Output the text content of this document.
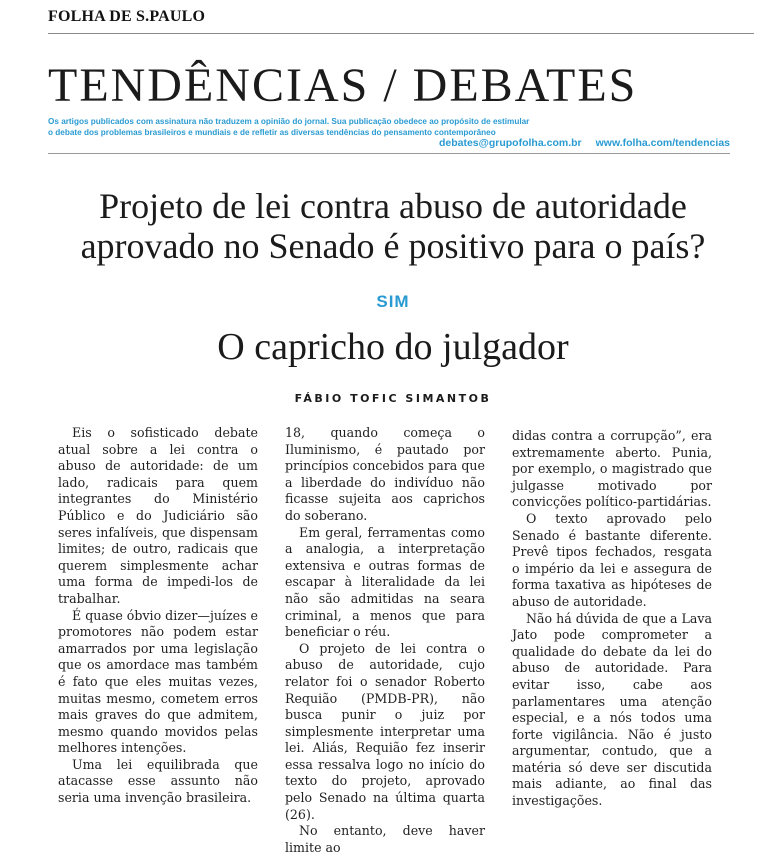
FOLHA DE S.PAULO
TENDÊNCIAS / DEBATES
Os artigos publicados com assinatura não traduzem a opinião do jornal. Sua publicação obedece ao propósito de estimular
o debate dos problemas brasileiros e mundiais e de refletir as diversas tendências do pensamento contemporâneo
debates@grupofolha.com.br www.folha.com/tendencias
Projeto de lei contra abuso de autoridade
aprovado no Senado é positivo para o país?
SIM
O capricho do julgador
FÁBIO TOFIC SIMANTOB

Eis o sofisticado debate atual sobre a lei contra o abuso de autoridade: de um lado, radicais para quem integrantes do Ministério Público e do Judiciário são seres infalíveis, que dispensam limites; de outro, radicais que querem simplesmente achar uma forma de impedi-los de trabalhar.

É quase óbvio dizer—juízes e promotores não podem estar amarrados por uma legislação que os amordace mas também é fato que eles muitas vezes, muitas mesmo, cometem erros mais graves do que admitem, mesmo quando movidos pelas melhores intenções.

Uma lei equilibrada que atacasse esse assunto não seria uma invenção brasileira.

18, quando começa o Iluminismo, é pautado por princípios concebidos para que a liberdade do indivíduo não ficasse sujeita aos caprichos do soberano.

Em geral, ferramentas como a analogia, a interpretação extensiva e outras formas de escapar à literalidade da lei não são admitidas na seara criminal, a menos que para beneficiar o réu.

O projeto de lei contra o abuso de autoridade, cujo relator foi o senador Roberto Requião (PMDB-PR), não busca punir o juiz por simplesmente interpretar uma lei. Aliás, Requião fez inserir essa ressalva logo no início do texto do projeto, aprovado pelo Senado na última quarta (26).

No entanto, deve haver limite ao

didas contra a corrupção”, era extremamente aberto. Punia, por exemplo, o magistrado que julgasse motivado por convicções político-partidárias.

O texto aprovado pelo Senado é bastante diferente. Prevê tipos fechados, resgata o império da lei e assegura de forma taxativa as hipóteses de abuso de autoridade.

Não há dúvida de que a Lava Jato pode comprometer a qualidade do debate da lei do abuso de autoridade. Para evitar isso, cabe aos parlamentares uma atenção especial, e a nós todos uma forte vigilância. Não é justo argumentar, contudo, que a matéria só deve ser discutida mais adiante, ao final das investigações.
